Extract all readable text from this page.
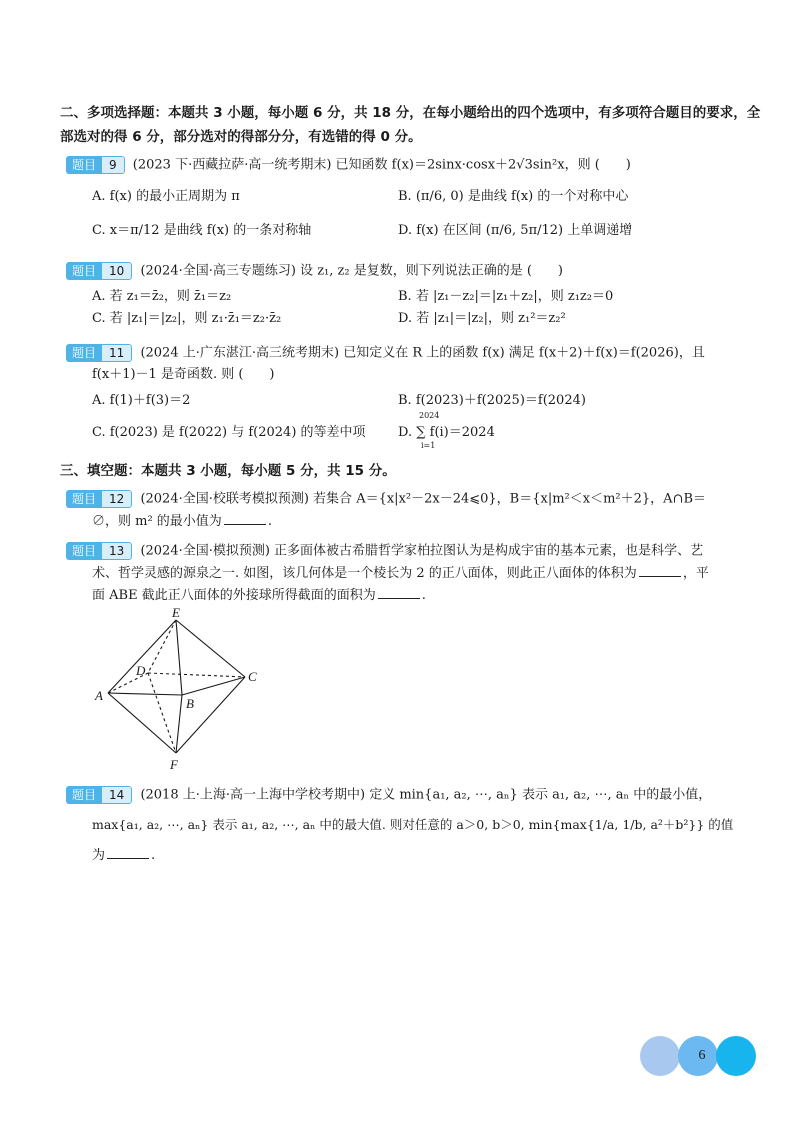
二、多项选择题：本题共 3 小题，每小题 6 分，共 18 分，在每小题给出的四个选项中，有多项符合题目的要求，全
部选对的得 6 分，部分选对的得部分分，有选错的得 0 分。
题目 9 (2023 下·西藏拉萨·高一统考期末) 已知函数 f(x)＝2sinx·cosx＋2√3sin²x，则 (　　)
A. f(x) 的最小正周期为 π	B. (π/6, 0) 是曲线 f(x) 的一个对称中心
C. x＝π/12 是曲线 f(x) 的一条对称轴	D. f(x) 在区间 (π/6, 5π/12) 上单调递增
题目 10 (2024·全国·高三专题练习) 设 z₁, z₂ 是复数，则下列说法正确的是 (　　)
A. 若 z₁＝z̄₂，则 z̄₁＝z₂	B. 若 |z₁－z₂|＝|z₁＋z₂|，则 z₁z₂＝0
C. 若 |z₁|＝|z₂|，则 z₁·z̄₁＝z₂·z̄₂	D. 若 |z₁|＝|z₂|，则 z₁²＝z₂²
题目 11 (2024 上·广东湛江·高三统考期末) 已知定义在 R 上的函数 f(x) 满足 f(x＋2)＋f(x)＝f(2026)，且
f(x＋1)－1 是奇函数. 则 (　　)
A. f(1)＋f(3)＝2	B. f(2023)＋f(2025)＝f(2024)
C. f(2023) 是 f(2022) 与 f(2024) 的等差中项 D. ∑ f(i)＝2024
2024
i=1
三、填空题：本题共 3 小题，每小题 5 分，共 15 分。
题目 12 (2024·全国·校联考模拟预测) 若集合 A＝{x|x²－2x－24⩽0}，B＝{x|m²＜x＜m²＋2}，A∩B＝
∅，则 m² 的最小值为	.
题目 13 (2024·全国·模拟预测) 正多面体被古希腊哲学家柏拉图认为是构成宇宙的基本元素，也是科学、艺
术、哲学灵感的源泉之一. 如图，该几何体是一个棱长为 2 的正八面体，则此正八面体的体积为	，平
面 ABE 截此正八面体的外接球所得截面的面积为	.
E
D	C
A
B
F
题目 14 (2018 上·上海·高一上海中学校考期中) 定义 min{a₁, a₂, ⋯, aₙ} 表示 a₁, a₂, ⋯, aₙ 中的最小值，
max{a₁, a₂, ⋯, aₙ} 表示 a₁, a₂, ⋯, aₙ 中的最大值. 则对任意的 a＞0, b＞0, min{max{1/a, 1/b, a²＋b²}} 的值
为	.
6
